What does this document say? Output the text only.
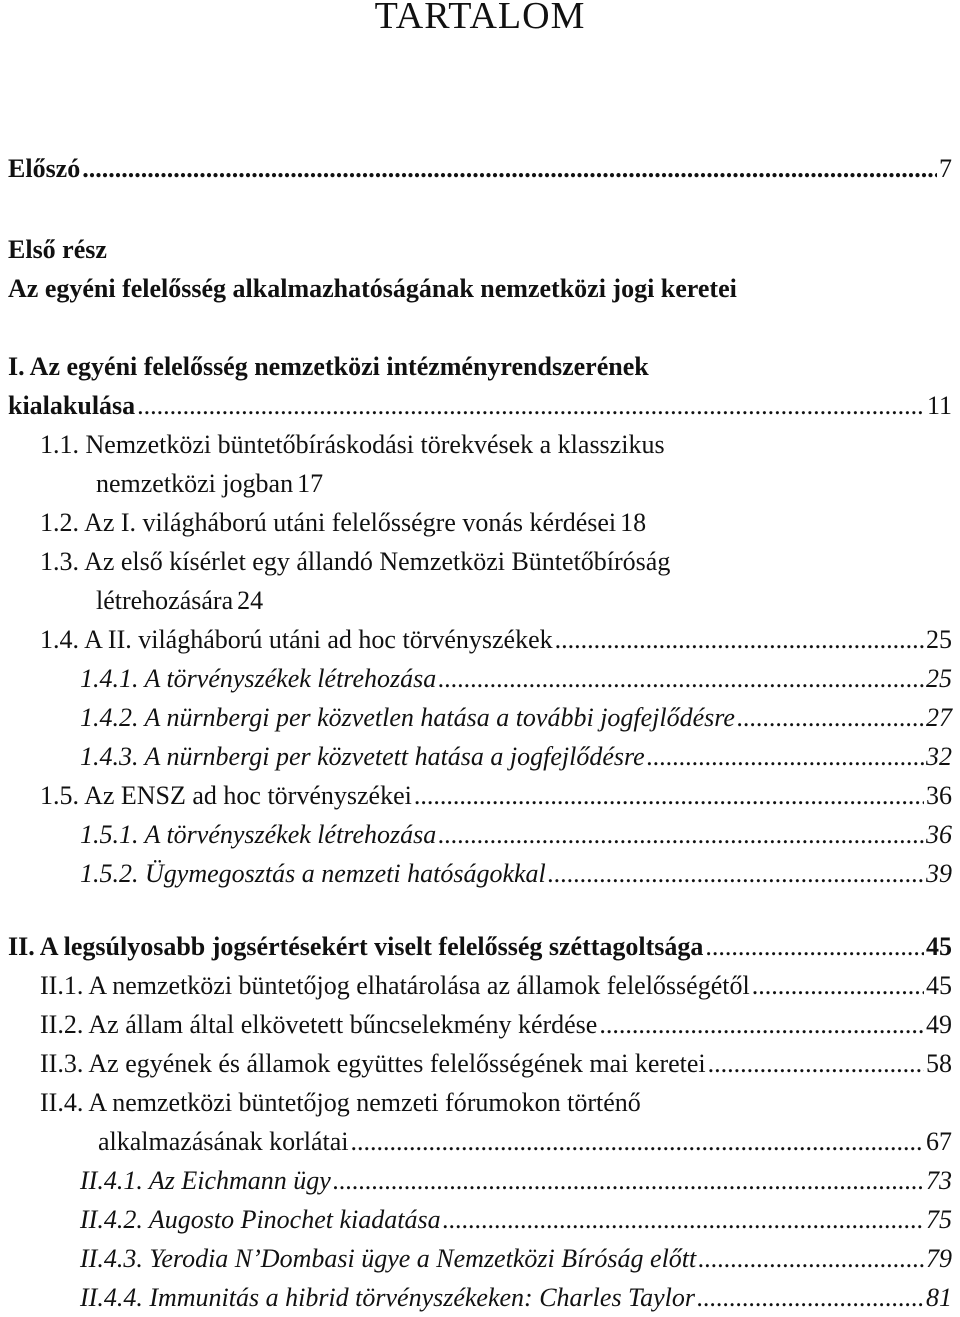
TARTALOM
Előszó .....	7
Első rész
Az egyéni felelősség alkalmazhatóságának nemzetközi jogi keretei
I. Az egyéni felelősség nemzetközi intézményrendszerének
kialakulása .....	11
1.1. Nemzetközi büntetőbíráskodási törekvések a klasszikus
nemzetközi jogban 17
1.2. Az I. világháború utáni felelősségre vonás kérdései 18
1.3. Az első kísérlet egy állandó Nemzetközi Büntetőbíróság
létrehozására 24
1.4. A II. világháború utáni ad hoc törvényszékek .....	25
1.4.1. A törvényszékek létrehozása .....	25
1.4.2. A nürnbergi per közvetlen hatása a további jogfejlődésre .....	27
1.4.3. A nürnbergi per közvetett hatása a jogfejlődésre .....	32
1.5. Az ENSZ ad hoc törvényszékei .....	36
1.5.1. A törvényszékek létrehozása .....	36
1.5.2. Ügymegosztás a nemzeti hatóságokkal .....	39
II. A legsúlyosabb jogsértésekért viselt felelősség széttagoltsága .....	45
II.1. A nemzetközi büntetőjog elhatárolása az államok felelősségétől .....	45
II.2. Az állam által elkövetett bűncselekmény kérdése .....	49
II.3. Az egyének és államok együttes felelősségének mai keretei .....	58
II.4. A nemzetközi büntetőjog nemzeti fórumokon történő
alkalmazásának korlátai .....	67
II.4.1. Az Eichmann ügy .....	73
II.4.2. Augosto Pinochet kiadatása .....	75
II.4.3. Yerodia N’Dombasi ügye a Nemzetközi Bíróság előtt .....	79
II.4.4. Immunitás a hibrid törvényszékeken: Charles Taylor .....	81
